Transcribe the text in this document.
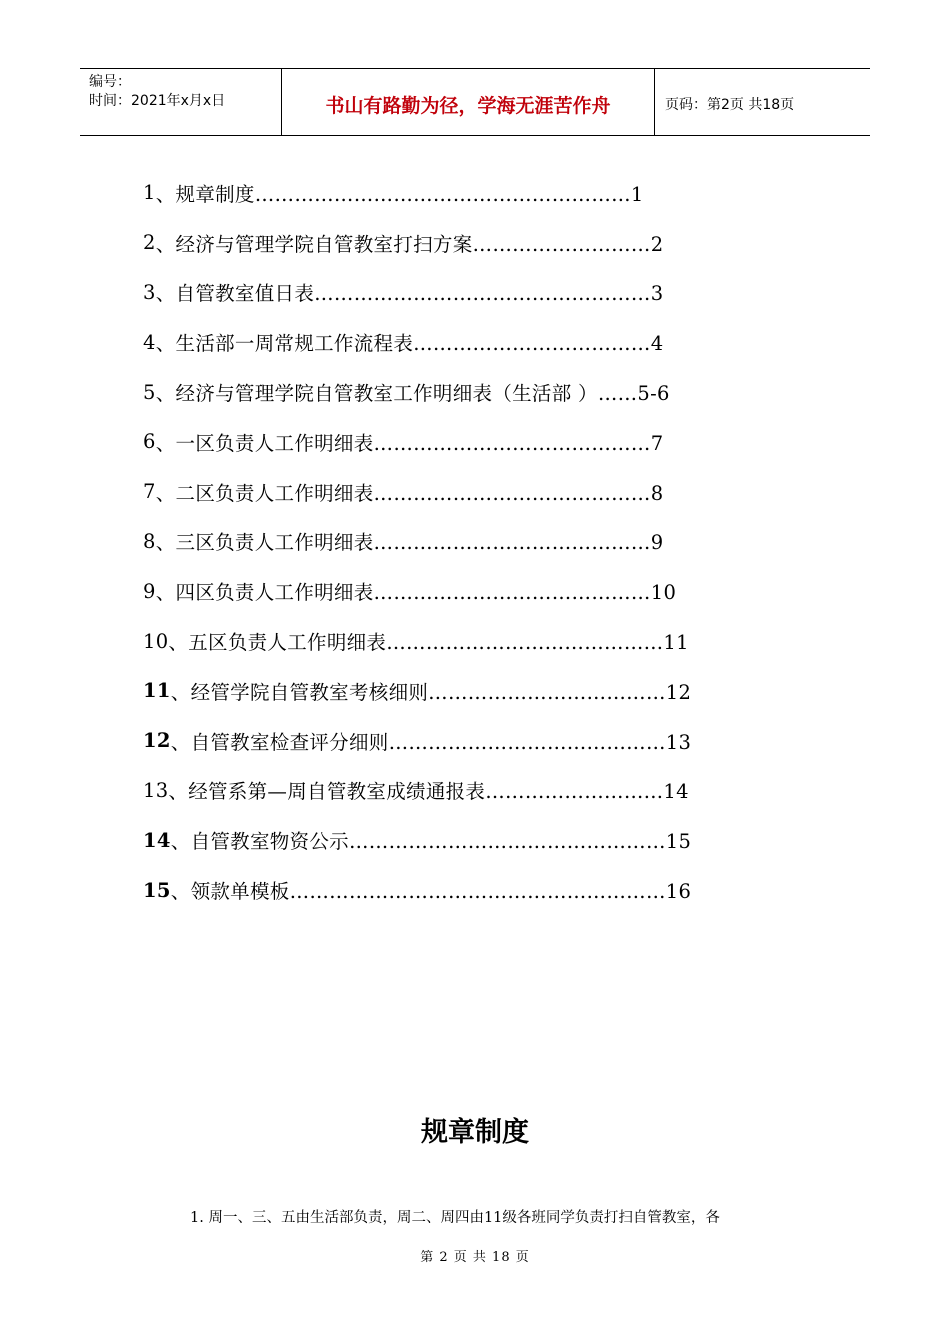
编号：
时间：2021年x月x日	书山有路勤为径，学海无涯苦作舟	页码：第2页 共18页
1 、 规章制度…………………………………………………1
2 、 经济与管理学院自管教室打扫方案………………………2
3 、 自管教室值日表……………………………………………3
4 、 生活部一周常规工作流程表………………………………4
5 、 经济与管理学院自管教室工作明细表（生活部 ）……5-6
6 、 一区负责人工作明细表……………………………………7
7 、 二区负责人工作明细表……………………………………8
8 、 三区负责人工作明细表……………………………………9
9 、 四区负责人工作明细表……………………………………10
10 、 五区负责人工作明细表……………………………………11
11 、 经管学院自管教室考核细则………………………………12
12 、 自管教室检查评分细则……………………………………13
13 、 经管系第—周自管教室成绩通报表………………………14
14 、 自管教室物资公示…………………………………………15
15 、 领款单模板…………………………………………………16
规章制度
1. 周一、三、五由生活部负责，周二、周四由11级各班同学负责打扫自管教室，各
第 2 页 共 18 页
